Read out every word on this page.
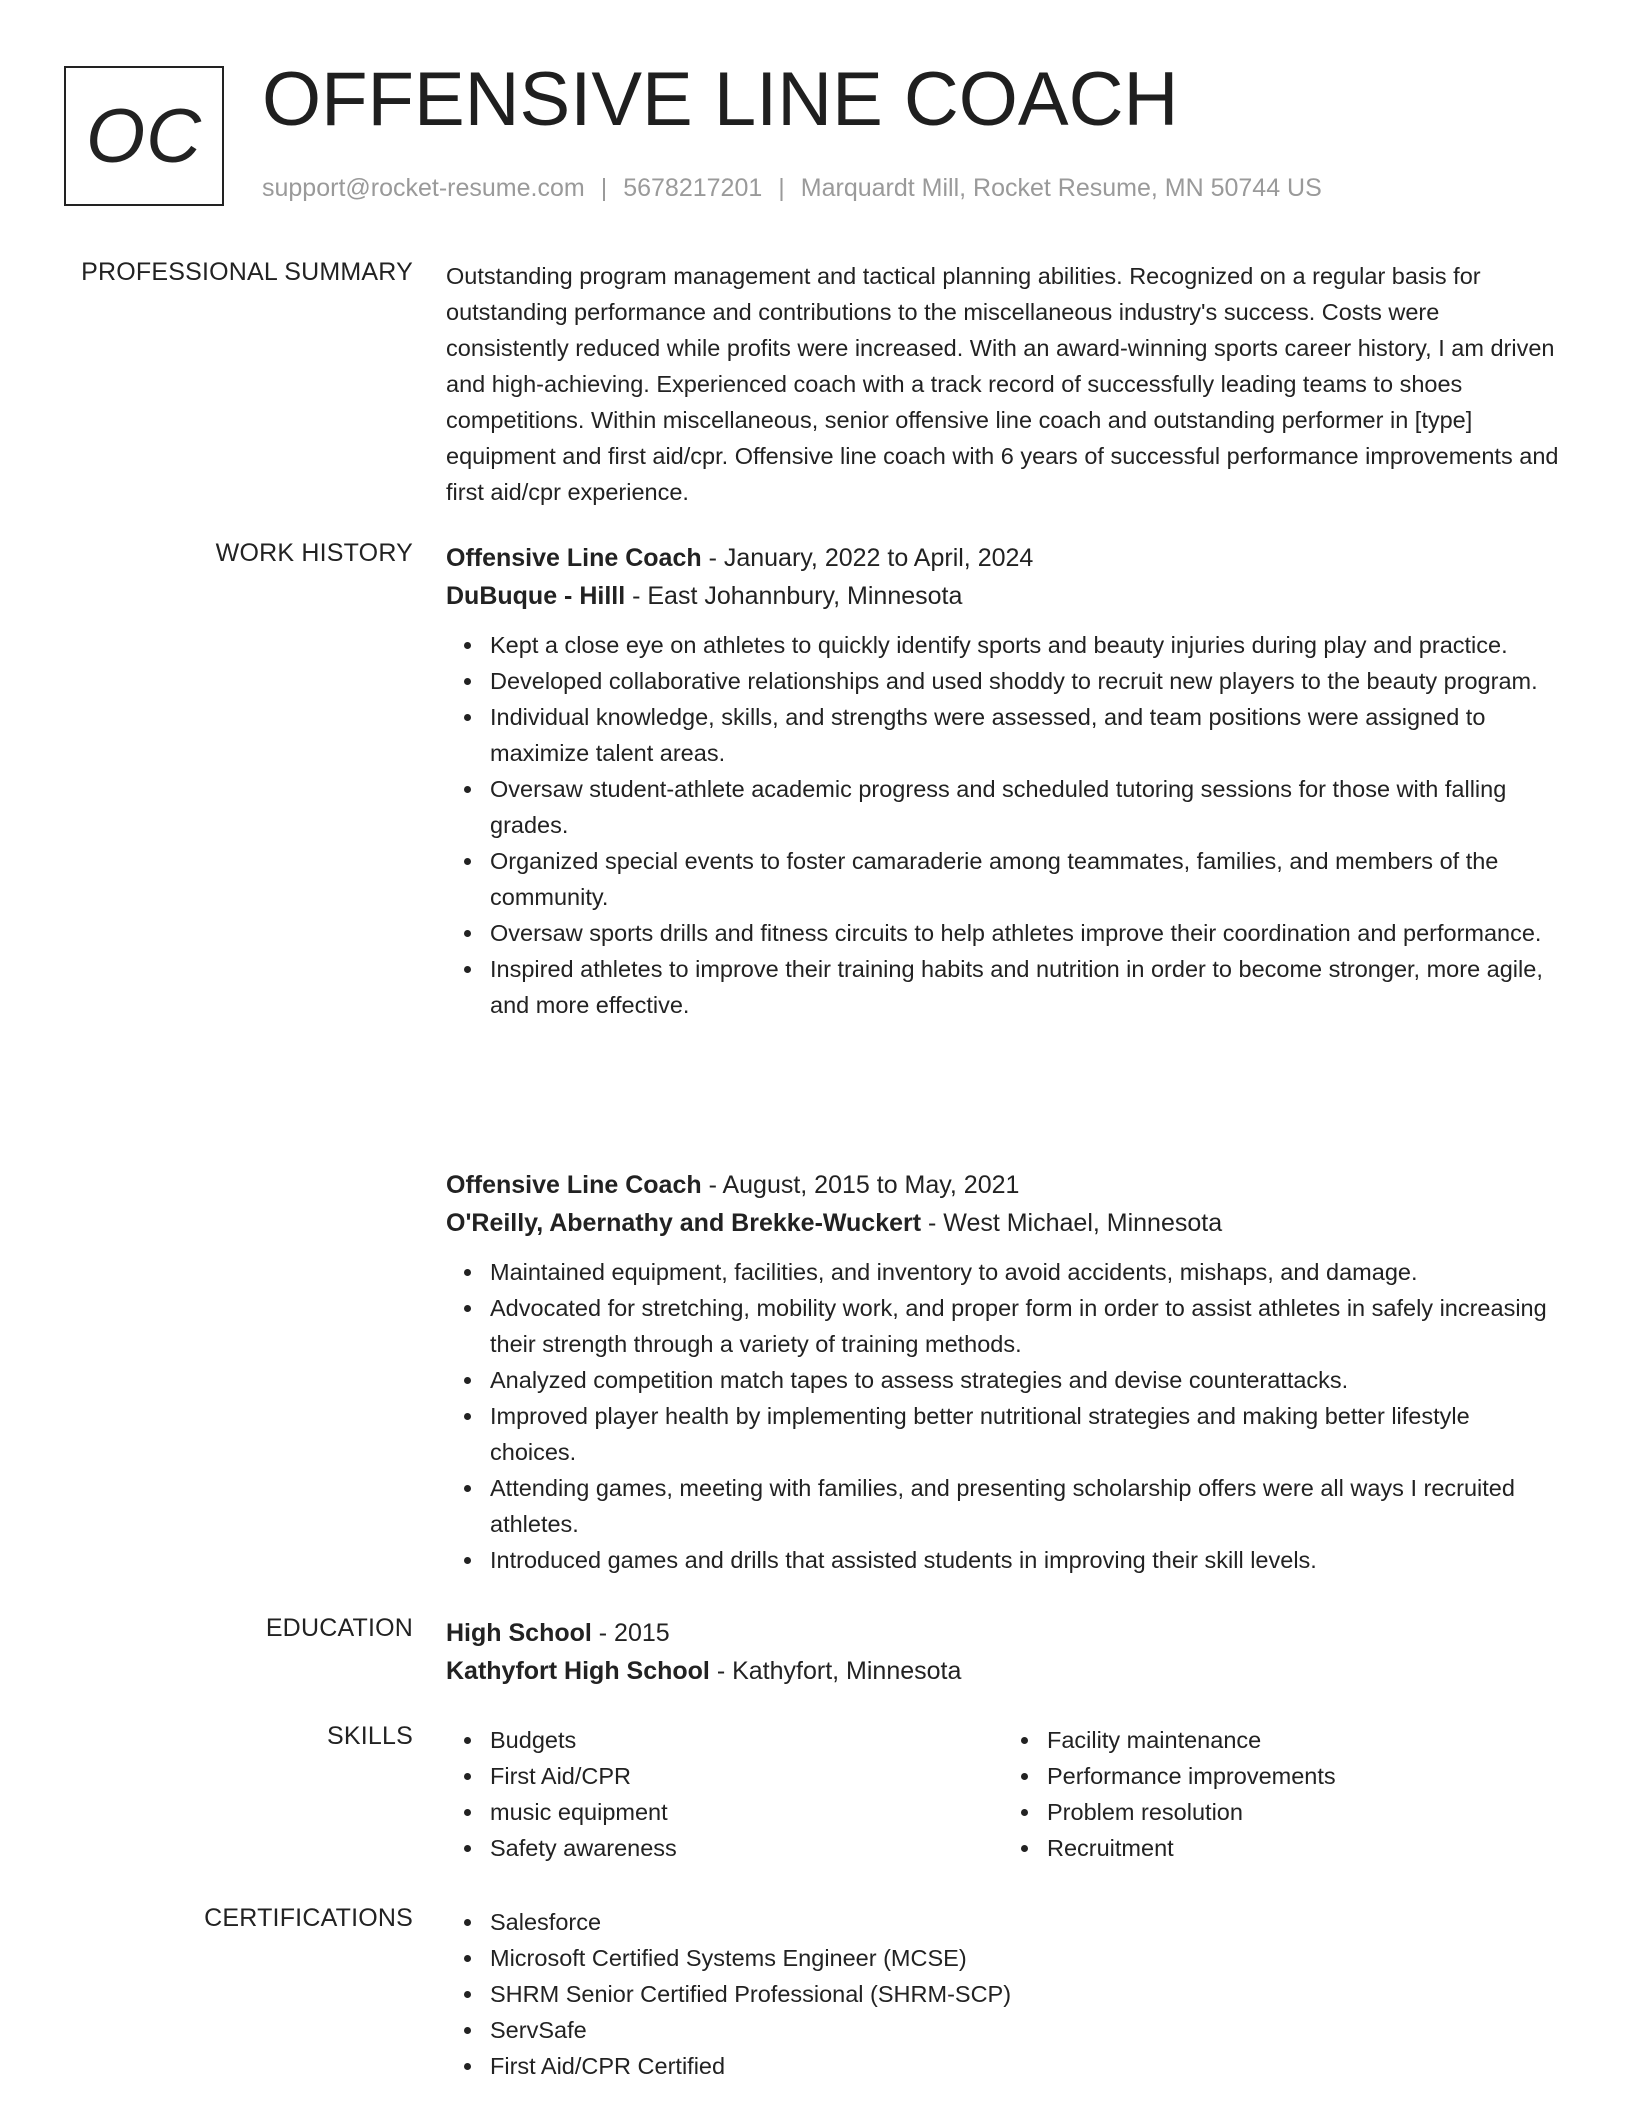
OC OFFENSIVE LINE COACH
support@rocket-resume.com | 5678217201 | Marquardt Mill, Rocket Resume, MN 50744 US
PROFESSIONAL SUMMARY Outstanding program management and tactical planning abilities. Recognized on a regular basis for outstanding performance and contributions to the miscellaneous industry's success. Costs were consistently reduced while profits were increased. With an award-winning sports career history, I am driven and high-achieving. Experienced coach with a track record of successfully leading teams to shoes competitions. Within miscellaneous, senior offensive line coach and outstanding performer in [type] equipment and first aid/cpr. Offensive line coach with 6 years of successful performance improvements and first aid/cpr experience.

WORK HISTORY Offensive Line Coach - January, 2022 to April, 2024
DuBuque - Hilll - East Johannbury, Minnesota
Kept a close eye on athletes to quickly identify sports and beauty injuries during play and practice.
Developed collaborative relationships and used shoddy to recruit new players to the beauty program.
Individual knowledge, skills, and strengths were assessed, and team positions were assigned to maximize talent areas.
Oversaw student-athlete academic progress and scheduled tutoring sessions for those with falling grades.
Organized special events to foster camaraderie among teammates, families, and members of the community.
Oversaw sports drills and fitness circuits to help athletes improve their coordination and performance.
Inspired athletes to improve their training habits and nutrition in order to become stronger, more agile, and more effective.
Offensive Line Coach - August, 2015 to May, 2021
O'Reilly, Abernathy and Brekke-Wuckert - West Michael, Minnesota
Maintained equipment, facilities, and inventory to avoid accidents, mishaps, and damage.
Advocated for stretching, mobility work, and proper form in order to assist athletes in safely increasing their strength through a variety of training methods.
Analyzed competition match tapes to assess strategies and devise counterattacks.
Improved player health by implementing better nutritional strategies and making better lifestyle choices.
Attending games, meeting with families, and presenting scholarship offers were all ways I recruited athletes.
Introduced games and drills that assisted students in improving their skill levels.
EDUCATION High School - 2015
Kathyfort High School - Kathyfort, Minnesota
SKILLS	Budgets
First Aid/CPR
music equipment
Safety awareness
Facility maintenance
Performance improvements
Problem resolution
Recruitment
CERTIFICATIONS	Salesforce
Microsoft Certified Systems Engineer (MCSE)
SHRM Senior Certified Professional (SHRM-SCP)
ServSafe
First Aid/CPR Certified
